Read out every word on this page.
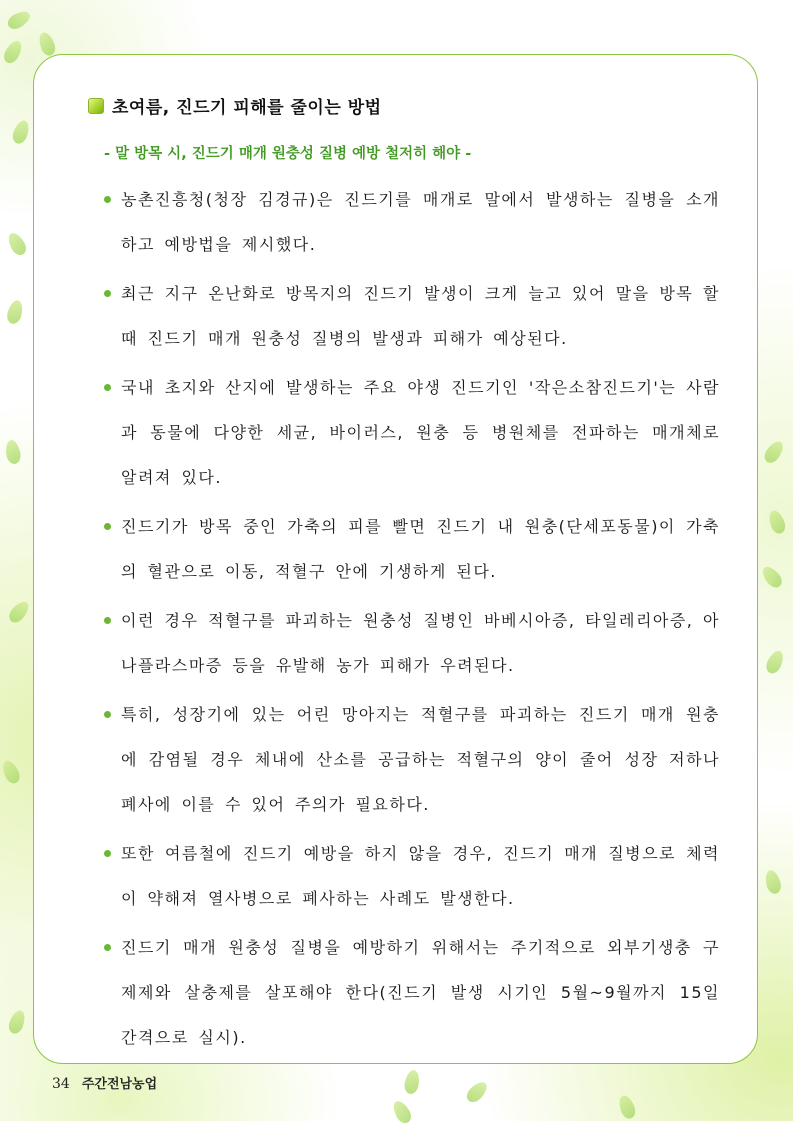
초여름, 진드기 피해를 줄이는 방법
- 말 방목 시, 진드기 매개 원충성 질병 예방 철저히 해야 -
농촌진흥청(청장 김경규)은 진드기를 매개로 말에서 발생하는 질병을 소개하고 예방법을 제시했다.
최근 지구 온난화로 방목지의 진드기 발생이 크게 늘고 있어 말을 방목 할 때 진드기 매개 원충성 질병의 발생과 피해가 예상된다.
국내 초지와 산지에 발생하는 주요 야생 진드기인 '작은소참진드기'는 사람과 동물에 다양한 세균, 바이러스, 원충 등 병원체를 전파하는 매개체로 알려져 있다.
진드기가 방목 중인 가축의 피를 빨면 진드기 내 원충(단세포동물)이 가축의 혈관으로 이동, 적혈구 안에 기생하게 된다.
이런 경우 적혈구를 파괴하는 원충성 질병인 바베시아증, 타일레리아증, 아나플라스마증 등을 유발해 농가 피해가 우려된다.
특히, 성장기에 있는 어린 망아지는 적혈구를 파괴하는 진드기 매개 원충에 감염될 경우 체내에 산소를 공급하는 적혈구의 양이 줄어 성장 저하나 폐사에 이를 수 있어 주의가 필요하다.
또한 여름철에 진드기 예방을 하지 않을 경우, 진드기 매개 질병으로 체력이 약해져 열사병으로 폐사하는 사례도 발생한다.
진드기 매개 원충성 질병을 예방하기 위해서는 주기적으로 외부기생충 구제제와 살충제를 살포해야 한다(진드기 발생 시기인 5월~9월까지 15일 간격으로 실시).
34 주간전남농업
